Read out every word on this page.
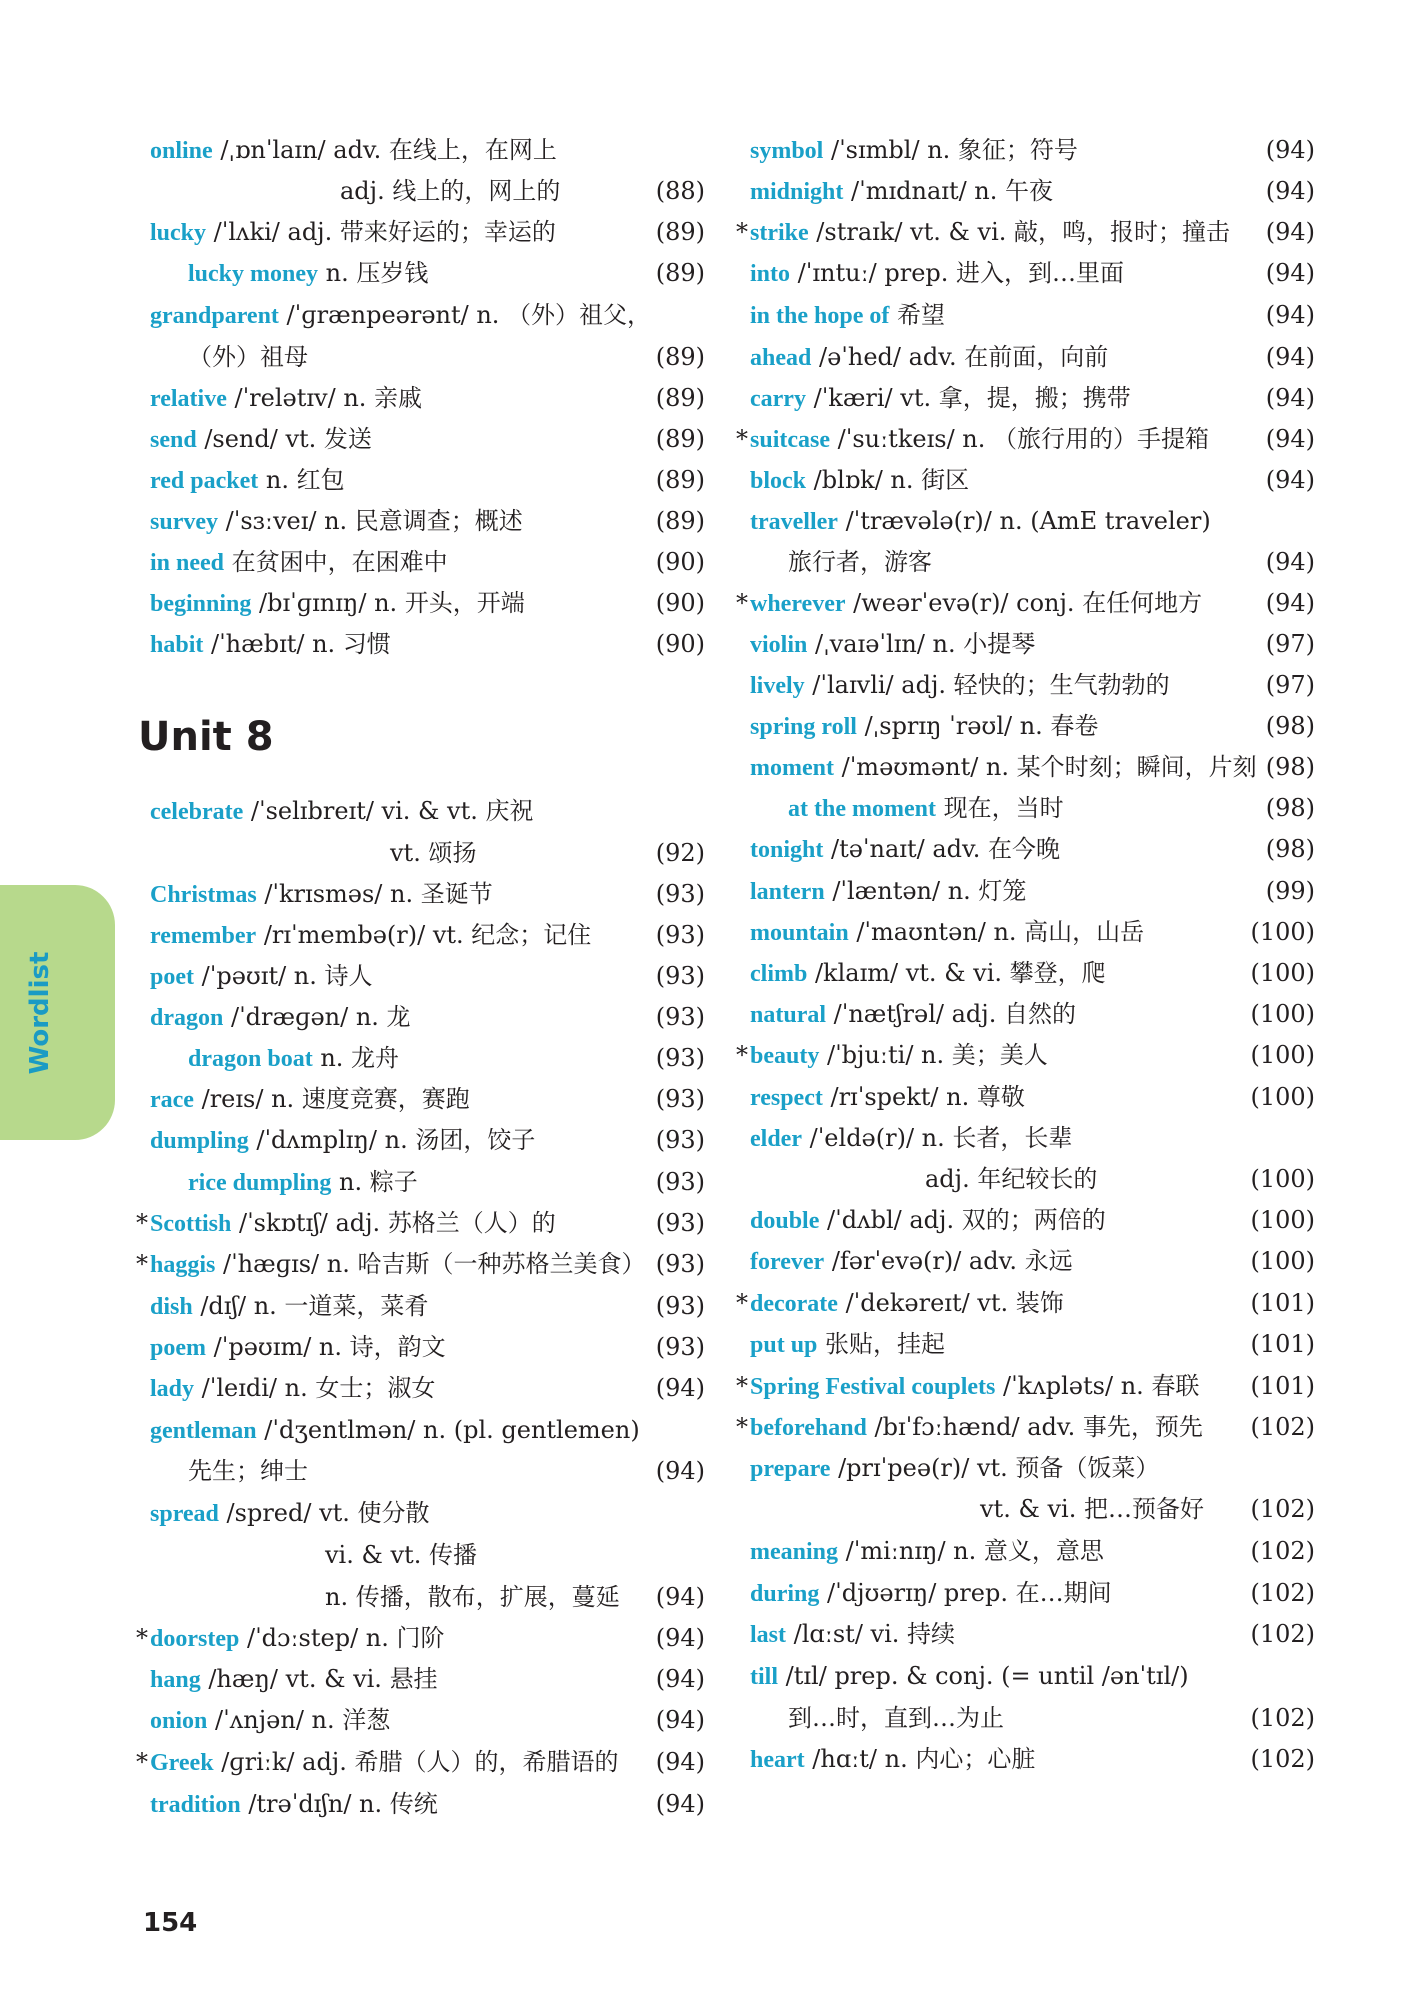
online /ˌɒnˈlaɪn/ adv. 在线上，在网上
adj. 线上的，网上的	(88)
lucky /ˈlʌki/ adj. 带来好运的；幸运的	(89)
lucky money n. 压岁钱	(89)
grandparent /ˈɡrænpeərənt/ n. （外）祖父，
（外）祖母	(89)
relative /ˈrelətɪv/ n. 亲戚	(89)
send /send/ vt. 发送	(89)
red packet n. 红包	(89)
survey /ˈsɜːveɪ/ n. 民意调查；概述	(89)
in need 在贫困中，在困难中	(90)
beginning /bɪˈɡɪnɪŋ/ n. 开头，开端	(90)
habit /ˈhæbɪt/ n. 习惯	(90)
celebrate /ˈselɪbreɪt/ vi. & vt. 庆祝
vt. 颂扬	(92)
Christmas /ˈkrɪsməs/ n. 圣诞节	(93)
remember /rɪˈmembə(r)/ vt. 纪念；记住	(93)
poet /ˈpəʊɪt/ n. 诗人	(93)
dragon /ˈdræɡən/ n. 龙	(93)
dragon boat n. 龙舟	(93)
race /reɪs/ n. 速度竞赛，赛跑	(93)
dumpling /ˈdʌmplɪŋ/ n. 汤团，饺子	(93)
rice dumpling n. 粽子	(93)
* Scottish /ˈskɒtɪʃ/ adj. 苏格兰（人）的	(93)
* haggis /ˈhæɡɪs/ n. 哈吉斯（一种苏格兰美食） (93)
dish /dɪʃ/ n. 一道菜，菜肴	(93)
poem /ˈpəʊɪm/ n. 诗，韵文	(93)
lady /ˈleɪdi/ n. 女士；淑女	(94)
gentleman /ˈdʒentlmən/ n. (pl. gentlemen)
先生；绅士	(94)
spread /spred/ vt. 使分散
vi. & vt. 传播
n. 传播，散布，扩展，蔓延 (94)
* doorstep /ˈdɔːstep/ n. 门阶	(94)
hang /hæŋ/ vt. & vi. 悬挂	(94)
onion /ˈʌnjən/ n. 洋葱	(94)
* Greek /ɡriːk/ adj. 希腊（人）的，希腊语的 (94)
tradition /trəˈdɪʃn/ n. 传统	(94)
symbol /ˈsɪmbl/ n. 象征；符号	(94)
midnight /ˈmɪdnaɪt/ n. 午夜	(94)
* strike /straɪk/ vt. & vi. 敲，鸣，报时；撞击 (94)
into /ˈɪntuː/ prep. 进入，到…里面	(94)
in the hope of 希望	(94)
ahead /əˈhed/ adv. 在前面，向前	(94)
carry /ˈkæri/ vt. 拿，提，搬；携带	(94)
* suitcase /ˈsuːtkeɪs/ n. （旅行用的）手提箱 (94)
block /blɒk/ n. 街区	(94)
traveller /ˈtrævələ(r)/ n. (AmE traveler)
旅行者，游客	(94)
* wherever /weərˈevə(r)/ conj. 在任何地方	(94)
violin /ˌvaɪəˈlɪn/ n. 小提琴	(97)
lively /ˈlaɪvli/ adj. 轻快的；生气勃勃的	(97)
spring roll /ˌsprɪŋ ˈrəʊl/ n. 春卷	(98)
moment /ˈməʊmənt/ n. 某个时刻；瞬间，片刻 (98)
at the moment 现在，当时	(98)
tonight /təˈnaɪt/ adv. 在今晚	(98)
lantern /ˈlæntən/ n. 灯笼	(99)
mountain /ˈmaʊntən/ n. 高山，山岳	(100)
climb /klaɪm/ vt. & vi. 攀登，爬	(100)
natural /ˈnætʃrəl/ adj. 自然的	(100)
* beauty /ˈbjuːti/ n. 美；美人	(100)
respect /rɪˈspekt/ n. 尊敬	(100)
elder /ˈeldə(r)/ n. 长者，长辈
adj. 年纪较长的	(100)
double /ˈdʌbl/ adj. 双的；两倍的	(100)
forever /fərˈevə(r)/ adv. 永远	(100)
* decorate /ˈdekəreɪt/ vt. 装饰	(101)
put up 张贴，挂起	(101)
* Spring Festival couplets /ˈkʌpləts/ n. 春联 (101)
* beforehand /bɪˈfɔːhænd/ adv. 事先，预先 (102)
prepare /prɪˈpeə(r)/ vt. 预备（饭菜）
vt. & vi. 把…预备好 (102)
meaning /ˈmiːnɪŋ/ n. 意义，意思	(102)
during /ˈdjʊərɪŋ/ prep. 在…期间	(102)
last /lɑːst/ vi. 持续	(102)
till /tɪl/ prep. & conj. (= until /ənˈtɪl/)
到…时，直到…为止	(102)
heart /hɑːt/ n. 内心；心脏	(102)
Unit 8
Wordlist
154
